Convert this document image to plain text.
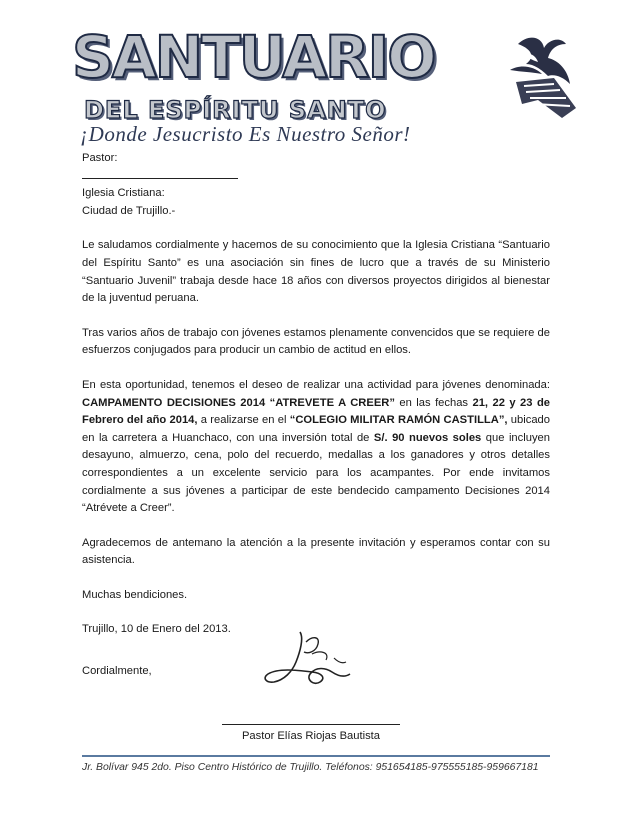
SANTUARIO
DEL ESPÍRITU SANTO
¡Donde Jesucristo Es Nuestro Señor!

Pastor:

Iglesia Cristiana:

Ciudad de Trujillo.-

Le saludamos cordialmente y hacemos de su conocimiento que la Iglesia Cristiana “Santuario del Espíritu Santo” es una asociación sin fines de lucro que a través de su Ministerio “Santuario Juvenil” trabaja desde hace 18 años con diversos proyectos dirigidos al bienestar de la juventud peruana.

Tras varios años de trabajo con jóvenes estamos plenamente convencidos que se requiere de esfuerzos conjugados para producir un cambio de actitud en ellos.

En esta oportunidad, tenemos el deseo de realizar una actividad para jóvenes denominada: CAMPAMENTO DECISIONES 2014 “ATREVETE A CREER” en las fechas 21, 22 y 23 de Febrero del año 2014, a realizarse en el “COLEGIO MILITAR RAMÓN CASTILLA”, ubicado en la carretera a Huanchaco, con una inversión total de S/. 90 nuevos soles que incluyen desayuno, almuerzo, cena, polo del recuerdo, medallas a los ganadores y otros detalles correspondientes a un excelente servicio para los acampantes. Por ende invitamos cordialmente a sus jóvenes a participar de este bendecido campamento Decisiones 2014 “Atrévete a Creer”.

Agradecemos de antemano la atención a la presente invitación y esperamos contar con su asistencia.

Muchas bendiciones.

Trujillo, 10 de Enero del 2013.

Cordialmente,

Pastor Elías Riojas Bautista
Jr. Bolívar 945 2do. Piso Centro Histórico de Trujillo. Teléfonos: 951654185-975555185-959667181
